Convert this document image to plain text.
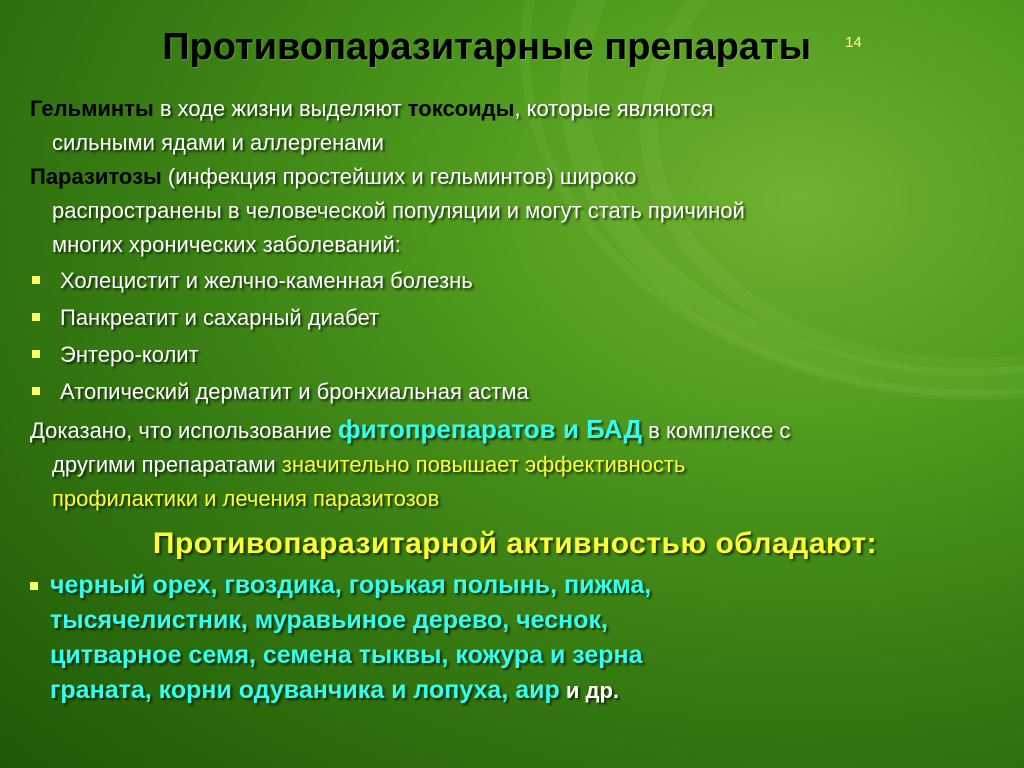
Противопаразитарные препараты 14

Гельминты в ходе жизни выделяют токсоиды, которые являются
сильными ядами и аллергенами

Паразитозы (инфекция простейших и гельминтов) широко
распространены в человеческой популяции и могут стать причиной
многих хронических заболеваний:

Холецистит и желчно-каменная болезнь
Панкреатит и сахарный диабет
Энтеро-колит
Атопический дерматит и бронхиальная астма

Доказано, что использование фитопрепаратов и БАД в комплексе с
другими препаратами значительно повышает эффективность
профилактики и лечения паразитозов

Противопаразитарной активностью обладают:
черный орех, гвоздика, горькая полынь, пижма,
тысячелистник, муравьиное дерево, чеснок,
цитварное семя, семена тыквы, кожура и зерна
граната, корни одуванчика и лопуха, аир и др.
